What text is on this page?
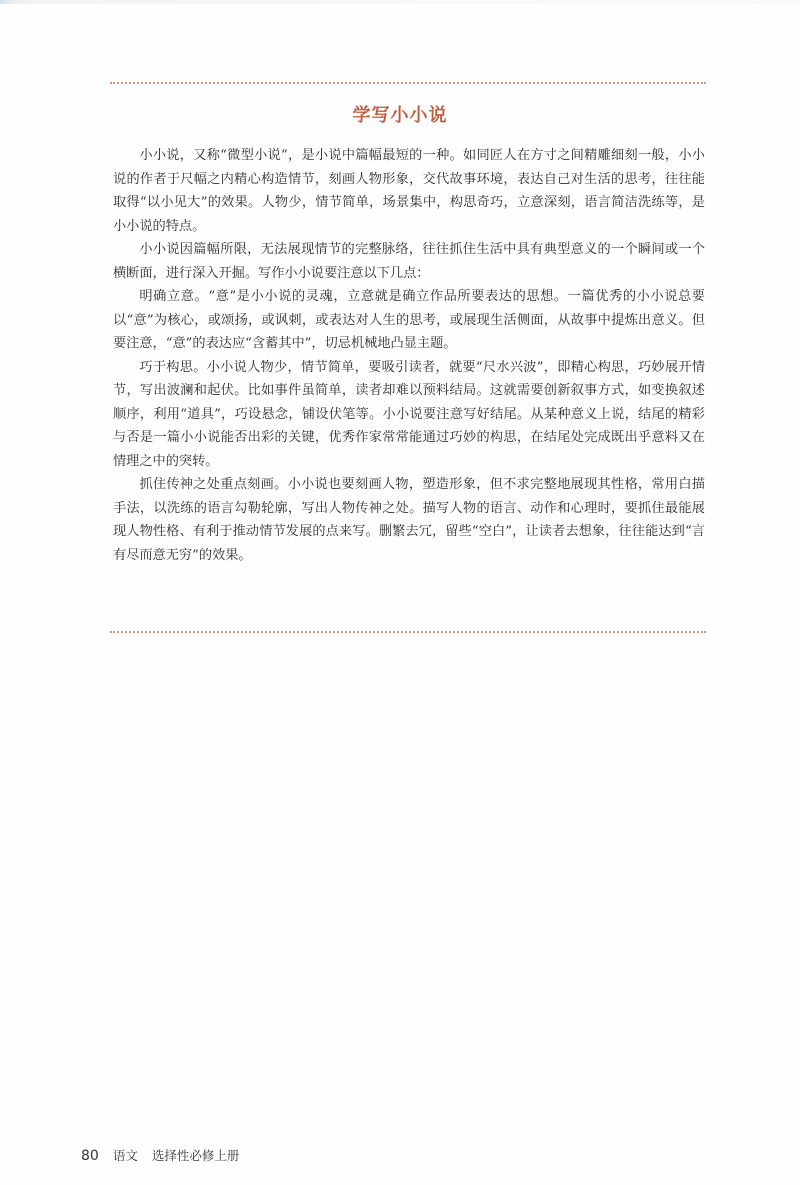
学写小小说

小小说，又称“微型小说”，是小说中篇幅最短的一种。如同匠人在方寸之间精雕细刻一般，小小说的作者于尺幅之内精心构造情节，刻画人物形象，交代故事环境，表达自己对生活的思考，往往能取得“以小见大”的效果。人物少，情节简单，场景集中，构思奇巧，立意深刻，语言简洁洗练等，是小小说的特点。

小小说因篇幅所限，无法展现情节的完整脉络，往往抓住生活中具有典型意义的一个瞬间或一个横断面，进行深入开掘。写作小小说要注意以下几点：

明确立意。“意”是小小说的灵魂，立意就是确立作品所要表达的思想。一篇优秀的小小说总要以“意”为核心，或颂扬，或讽刺，或表达对人生的思考，或展现生活侧面，从故事中提炼出意义。但要注意，“意”的表达应“含蓄其中”，切忌机械地凸显主题。

巧于构思。小小说人物少，情节简单，要吸引读者，就要“尺水兴波”，即精心构思，巧妙展开情节，写出波澜和起伏。比如事件虽简单，读者却难以预料结局。这就需要创新叙事方式，如变换叙述顺序，利用“道具”，巧设悬念，铺设伏笔等。小小说要注意写好结尾。从某种意义上说，结尾的精彩与否是一篇小小说能否出彩的关键，优秀作家常常能通过巧妙的构思，在结尾处完成既出乎意料又在情理之中的突转。

抓住传神之处重点刻画。小小说也要刻画人物，塑造形象，但不求完整地展现其性格，常用白描手法，以洗练的语言勾勒轮廓，写出人物传神之处。描写人物的语言、动作和心理时，要抓住最能展现人物性格、有利于推动情节发展的点来写。删繁去冗，留些“空白”，让读者去想象，往往能达到“言有尽而意无穷”的效果。

80 语文 选择性必修上册
